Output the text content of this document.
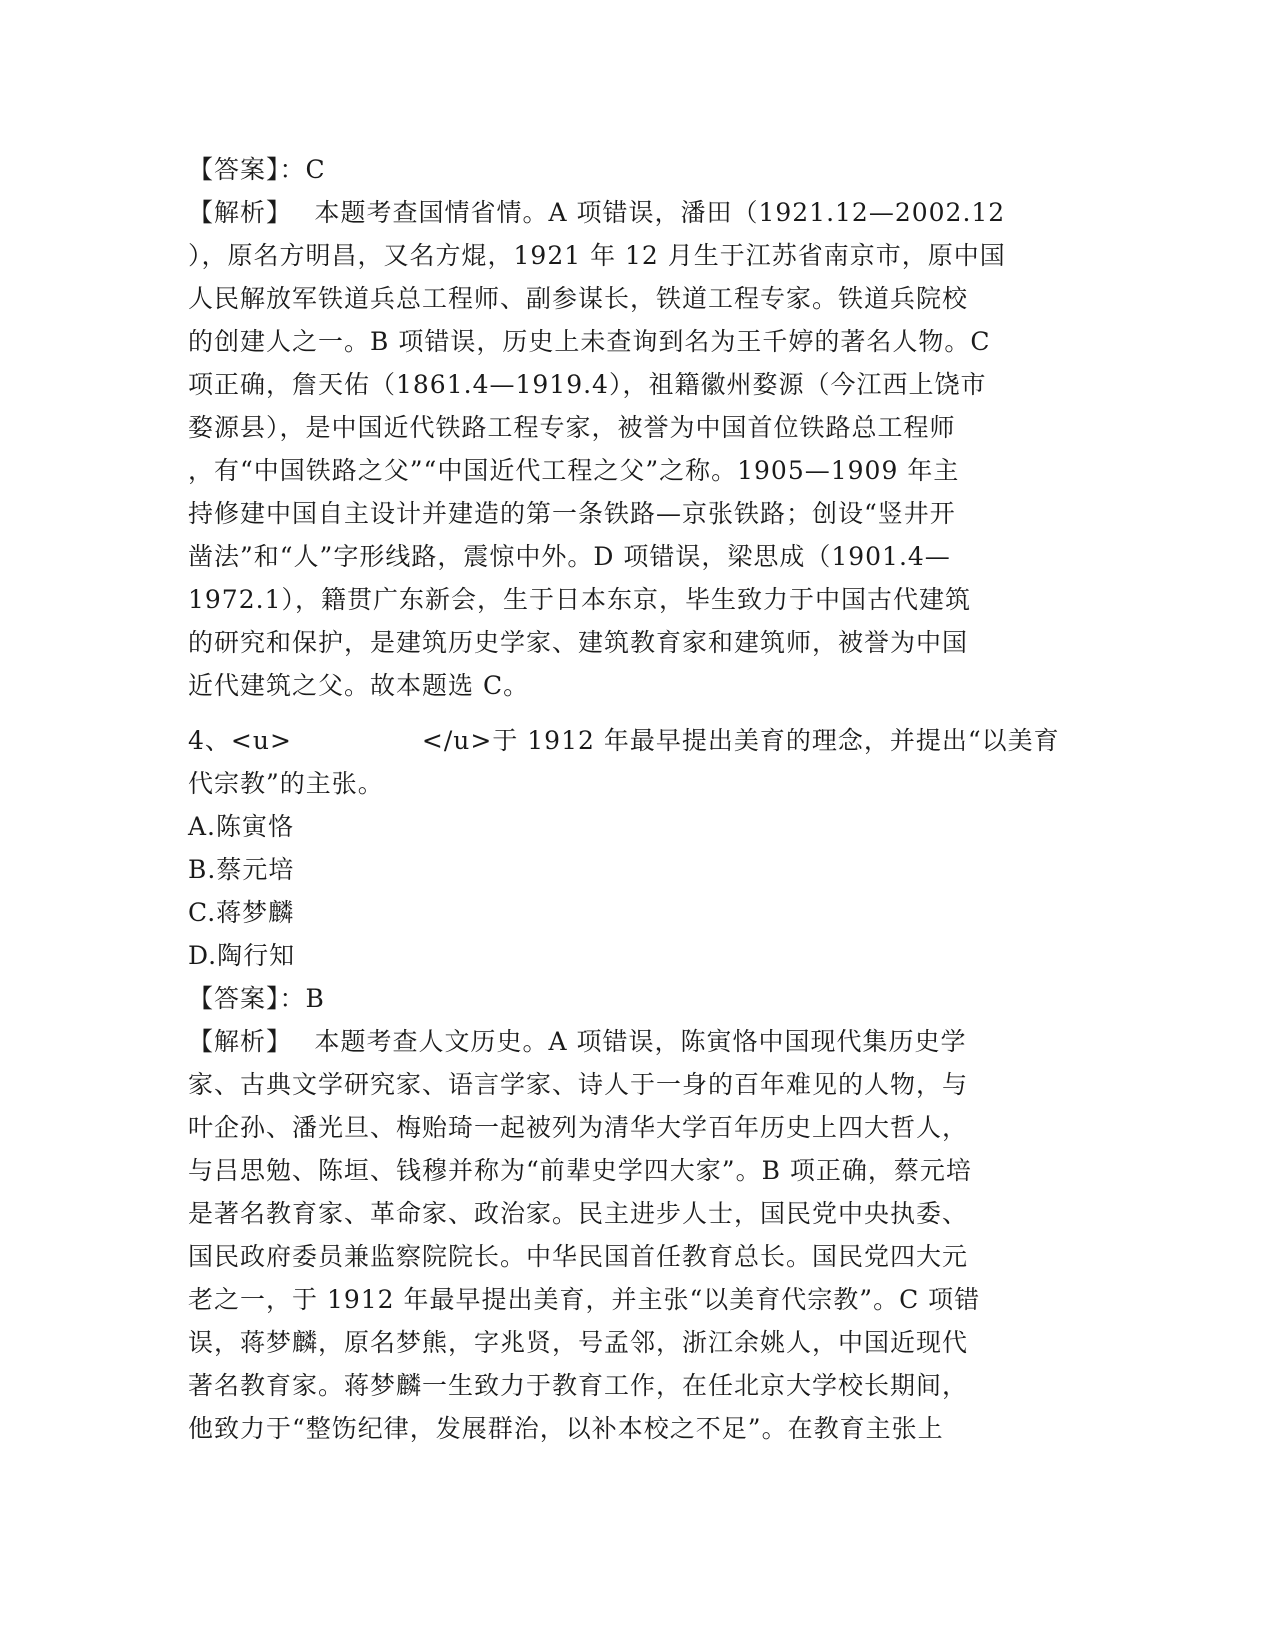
【答案】：C
【解析】　 本题考查国情省情。A 项错误，潘田（1921.12—2002.12
），原名方明昌，又名方焜，1921 年 12 月生于江苏省南京市，原中国
人民解放军铁道兵总工程师、副参谋长，铁道工程专家。铁道兵院校
的创建人之一。B 项错误，历史上未查询到名为王千婷的著名人物。C
项正确，詹天佑（1861.4—1919.4），祖籍徽州婺源（今江西上饶市
婺源县），是中国近代铁路工程专家，被誉为中国首位铁路总工程师
，有“中国铁路之父”“中国近代工程之父”之称。1905—1909 年主
持修建中国自主设计并建造的第一条铁路—京张铁路；创设“竖井开
凿法”和“人”字形线路，震惊中外。D 项错误，梁思成（1901.4—
1972.1），籍贯广东新会，生于日本东京，毕生致力于中国古代建筑
的研究和保护，是建筑历史学家、建筑教育家和建筑师，被誉为中国
近代建筑之父。故本题选 C。
4、<u>　　　　　</u>于 1912 年最早提出美育的理念，并提出“以美育
代宗教”的主张。
A.陈寅恪
B.蔡元培
C.蒋梦麟
D.陶行知
【答案】：B
【解析】　 本题考查人文历史。A 项错误，陈寅恪中国现代集历史学
家、古典文学研究家、语言学家、诗人于一身的百年难见的人物，与
叶企孙、潘光旦、梅贻琦一起被列为清华大学百年历史上四大哲人，
与吕思勉、陈垣、钱穆并称为“前辈史学四大家”。B 项正确，蔡元培
是著名教育家、革命家、政治家。民主进步人士，国民党中央执委、
国民政府委员兼监察院院长。中华民国首任教育总长。国民党四大元
老之一，于 1912 年最早提出美育，并主张“以美育代宗教”。C 项错
误，蒋梦麟，原名梦熊，字兆贤，号孟邻，浙江余姚人，中国近现代
著名教育家。蒋梦麟一生致力于教育工作，在任北京大学校长期间，
他致力于“整饬纪律，发展群治，以补本校之不足”。在教育主张上
